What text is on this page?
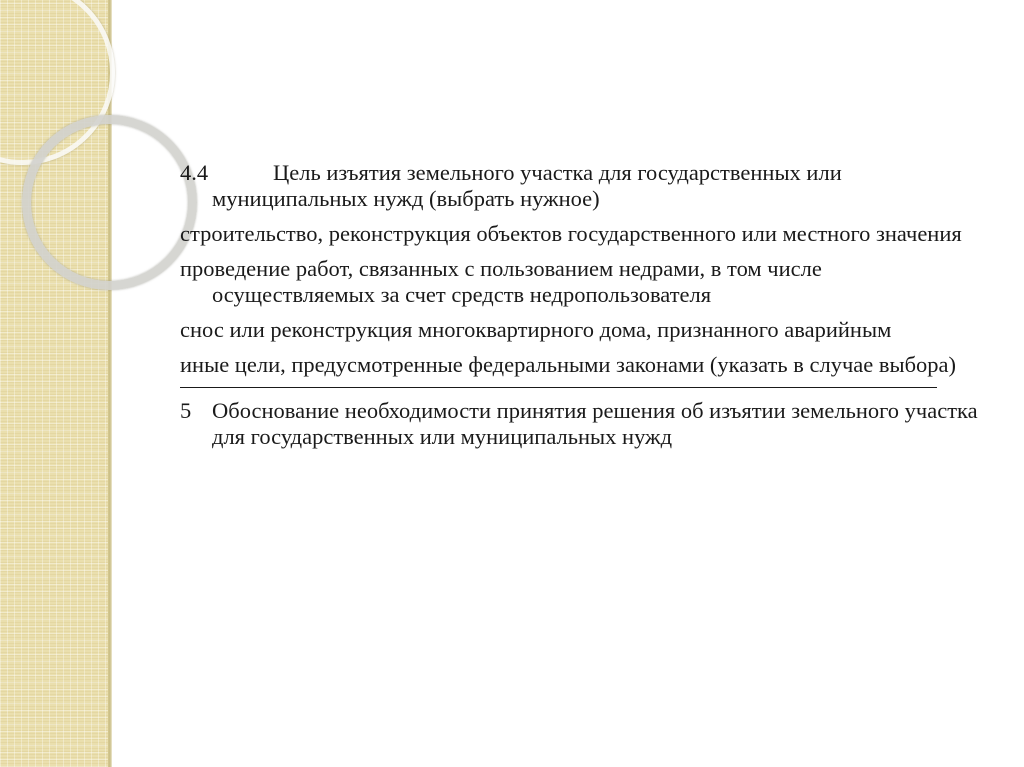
4.4	Цель изъятия земельного участка для государственных или муниципальных нужд (выбрать нужное)

строительство, реконструкция объектов государственного или местного значения

проведение работ, связанных с пользованием недрами, в том числе осуществляемых за счет средств недропользователя

снос или реконструкция многоквартирного дома, признанного аварийным

иные цели, предусмотренные федеральными законами (указать в случае выбора)

5 Обоснование необходимости принятия решения об изъятии земельного участка для государственных или муниципальных нужд
